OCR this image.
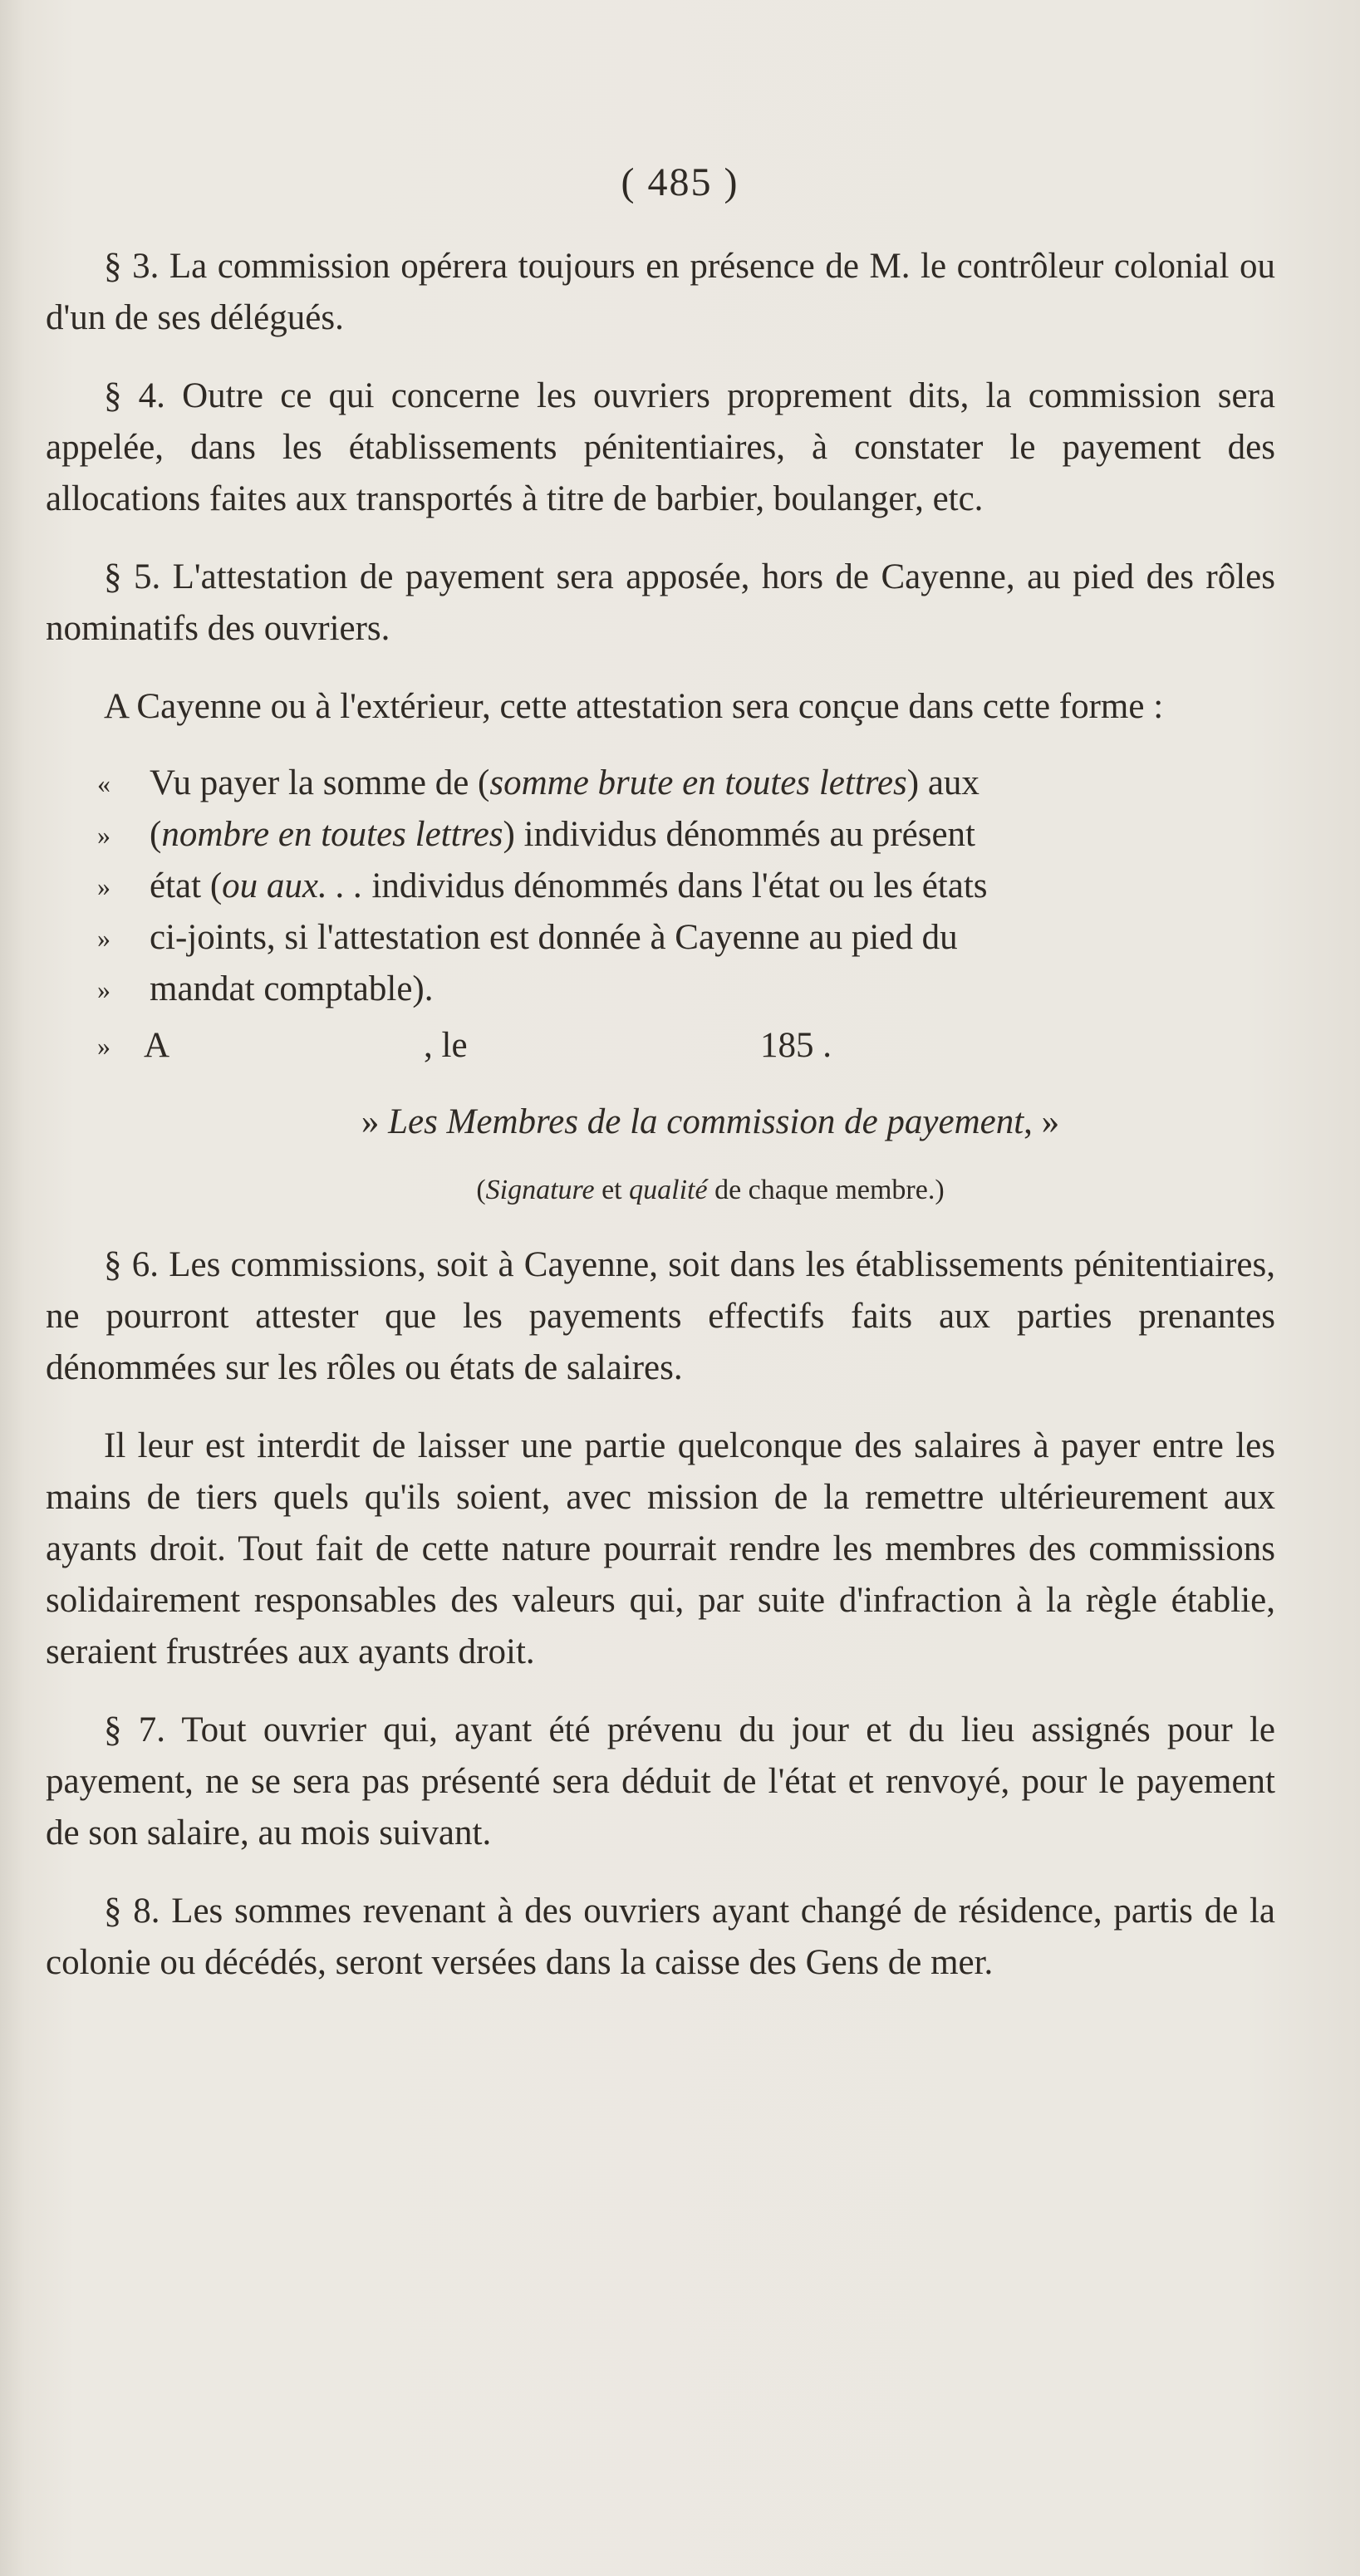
( 485 )

§ 3. La commission opérera toujours en présence de M. le contrôleur colonial ou d'un de ses délégués.

§ 4. Outre ce qui concerne les ouvriers proprement dits, la commission sera appelée, dans les établissements pénitentiaires, à constater le payement des allocations faites aux transportés à titre de barbier, boulanger, etc.

§ 5. L'attestation de payement sera apposée, hors de Cayenne, au pied des rôles nominatifs des ouvriers.

A Cayenne ou à l'extérieur, cette attestation sera conçue dans cette forme :

« Vu payer la somme de (somme brute en toutes lettres) aux

» (nombre en toutes lettres) individus dénommés au présent

» état (ou aux. . . individus dénommés dans l'état ou les états

» ci-joints, si l'attestation est donnée à Cayenne au pied du

» mandat comptable).

» A	, le	185 .
» Les Membres de la commission de payement, »
(Signature et qualité de chaque membre.)

§ 6. Les commissions, soit à Cayenne, soit dans les établissements pénitentiaires, ne pourront attester que les payements effectifs faits aux parties prenantes dénommées sur les rôles ou états de salaires.

Il leur est interdit de laisser une partie quelconque des salaires à payer entre les mains de tiers quels qu'ils soient, avec mission de la remettre ultérieurement aux ayants droit. Tout fait de cette nature pourrait rendre les membres des commissions solidairement responsables des valeurs qui, par suite d'infraction à la règle établie, seraient frustrées aux ayants droit.

§ 7. Tout ouvrier qui, ayant été prévenu du jour et du lieu assignés pour le payement, ne se sera pas présenté sera déduit de l'état et renvoyé, pour le payement de son salaire, au mois suivant.

§ 8. Les sommes revenant à des ouvriers ayant changé de résidence, partis de la colonie ou décédés, seront versées dans la caisse des Gens de mer.
